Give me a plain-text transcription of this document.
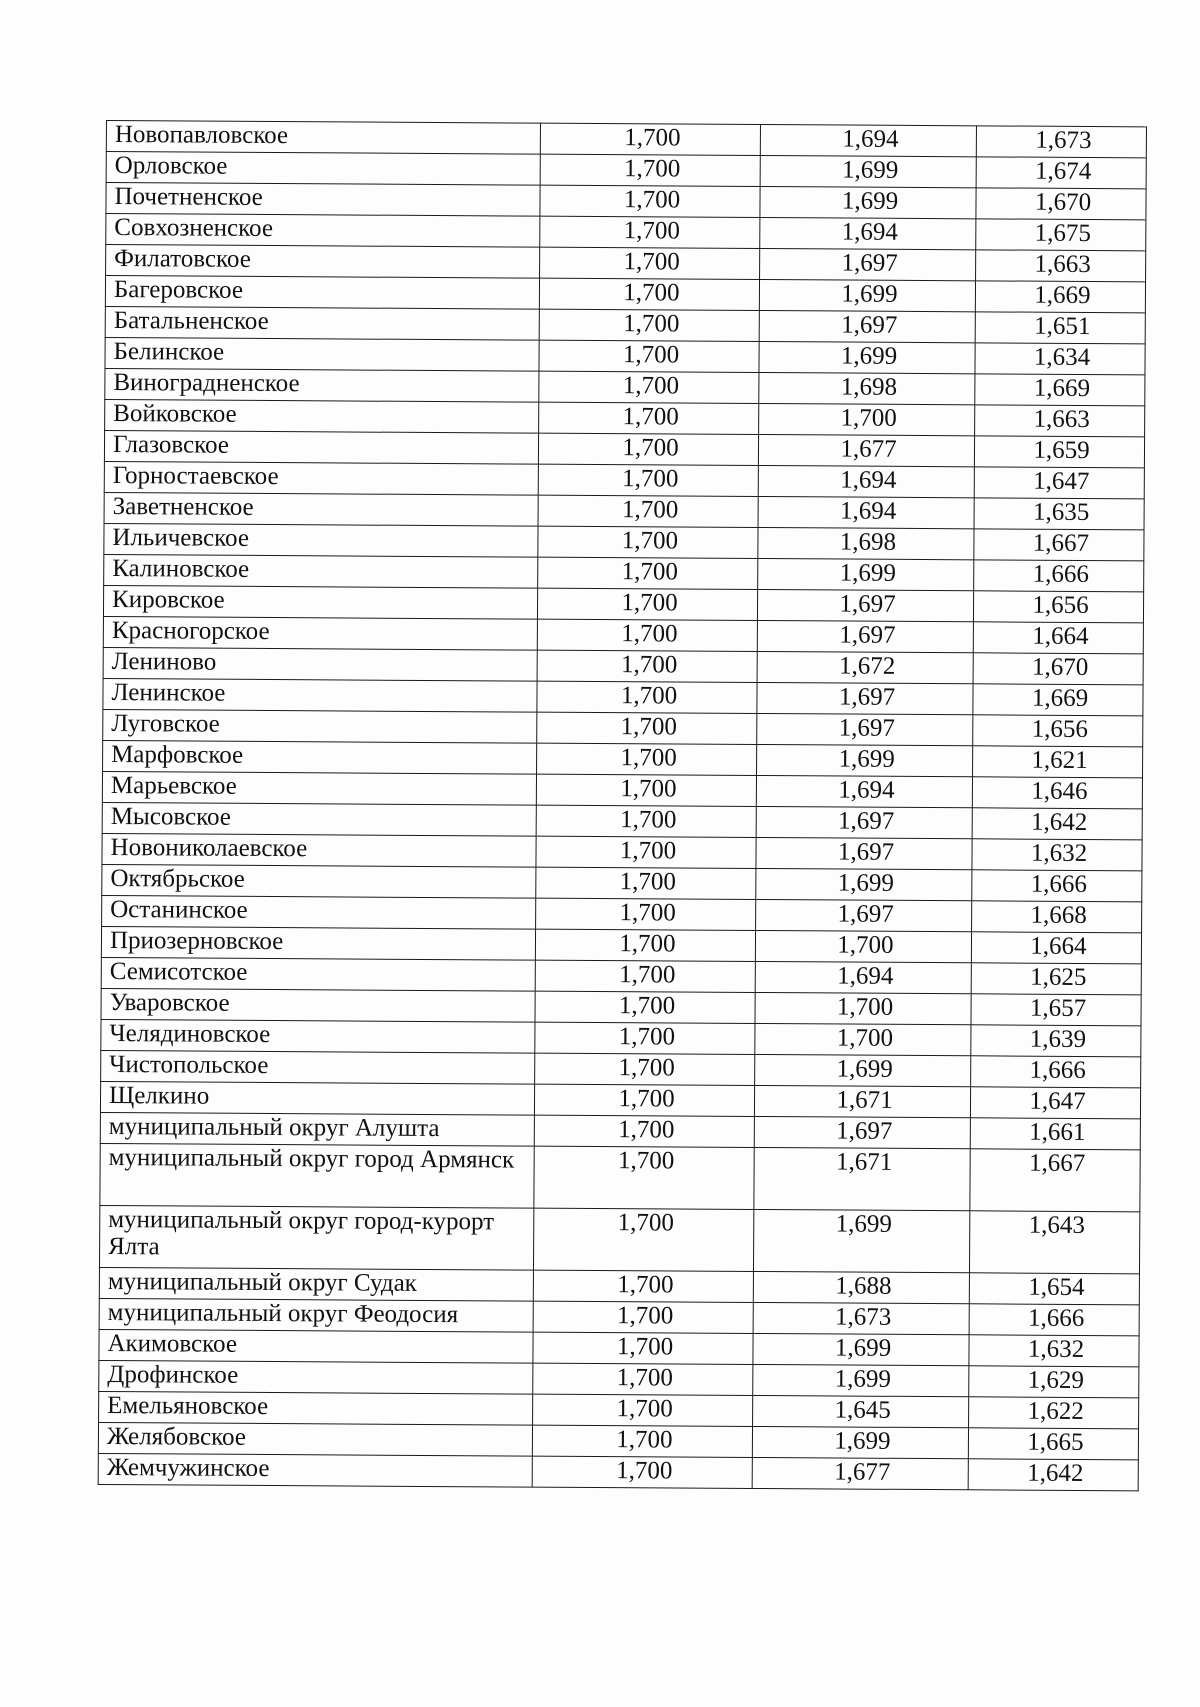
Новопавловское	1,700	1,694	1,673
Орловское	1,700	1,699	1,674
Почетненское	1,700	1,699	1,670
Совхозненское	1,700	1,694	1,675
Филатовское	1,700	1,697	1,663
Багеровское	1,700	1,699	1,669
Батальненское	1,700	1,697	1,651
Белинское	1,700	1,699	1,634
Виноградненское	1,700	1,698	1,669
Войковское	1,700	1,700	1,663
Глазовское	1,700	1,677	1,659
Горностаевское	1,700	1,694	1,647
Заветненское	1,700	1,694	1,635
Ильичевское	1,700	1,698	1,667
Калиновское	1,700	1,699	1,666
Кировское	1,700	1,697	1,656
Красногорское	1,700	1,697	1,664
Лениново	1,700	1,672	1,670
Ленинское	1,700	1,697	1,669
Луговское	1,700	1,697	1,656
Марфовское	1,700	1,699	1,621
Марьевское	1,700	1,694	1,646
Мысовское	1,700	1,697	1,642
Новониколаевское	1,700	1,697	1,632
Октябрьское	1,700	1,699	1,666
Останинское	1,700	1,697	1,668
Приозерновское	1,700	1,700	1,664
Семисотское	1,700	1,694	1,625
Уваровское	1,700	1,700	1,657
Челядиновское	1,700	1,700	1,639
Чистопольское	1,700	1,699	1,666
Щелкино	1,700	1,671	1,647
муниципальный округ Алушта	1,700	1,697	1,661
муниципальный округ город Армянск	1,700	1,671	1,667
муниципальный округ город-курорт Ялта	1,700	1,699	1,643
муниципальный округ Судак	1,700	1,688	1,654
муниципальный округ Феодосия	1,700	1,673	1,666
Акимовское	1,700	1,699	1,632
Дрофинское	1,700	1,699	1,629
Емельяновское	1,700	1,645	1,622
Желябовское	1,700	1,699	1,665
Жемчужинское	1,700	1,677	1,642
